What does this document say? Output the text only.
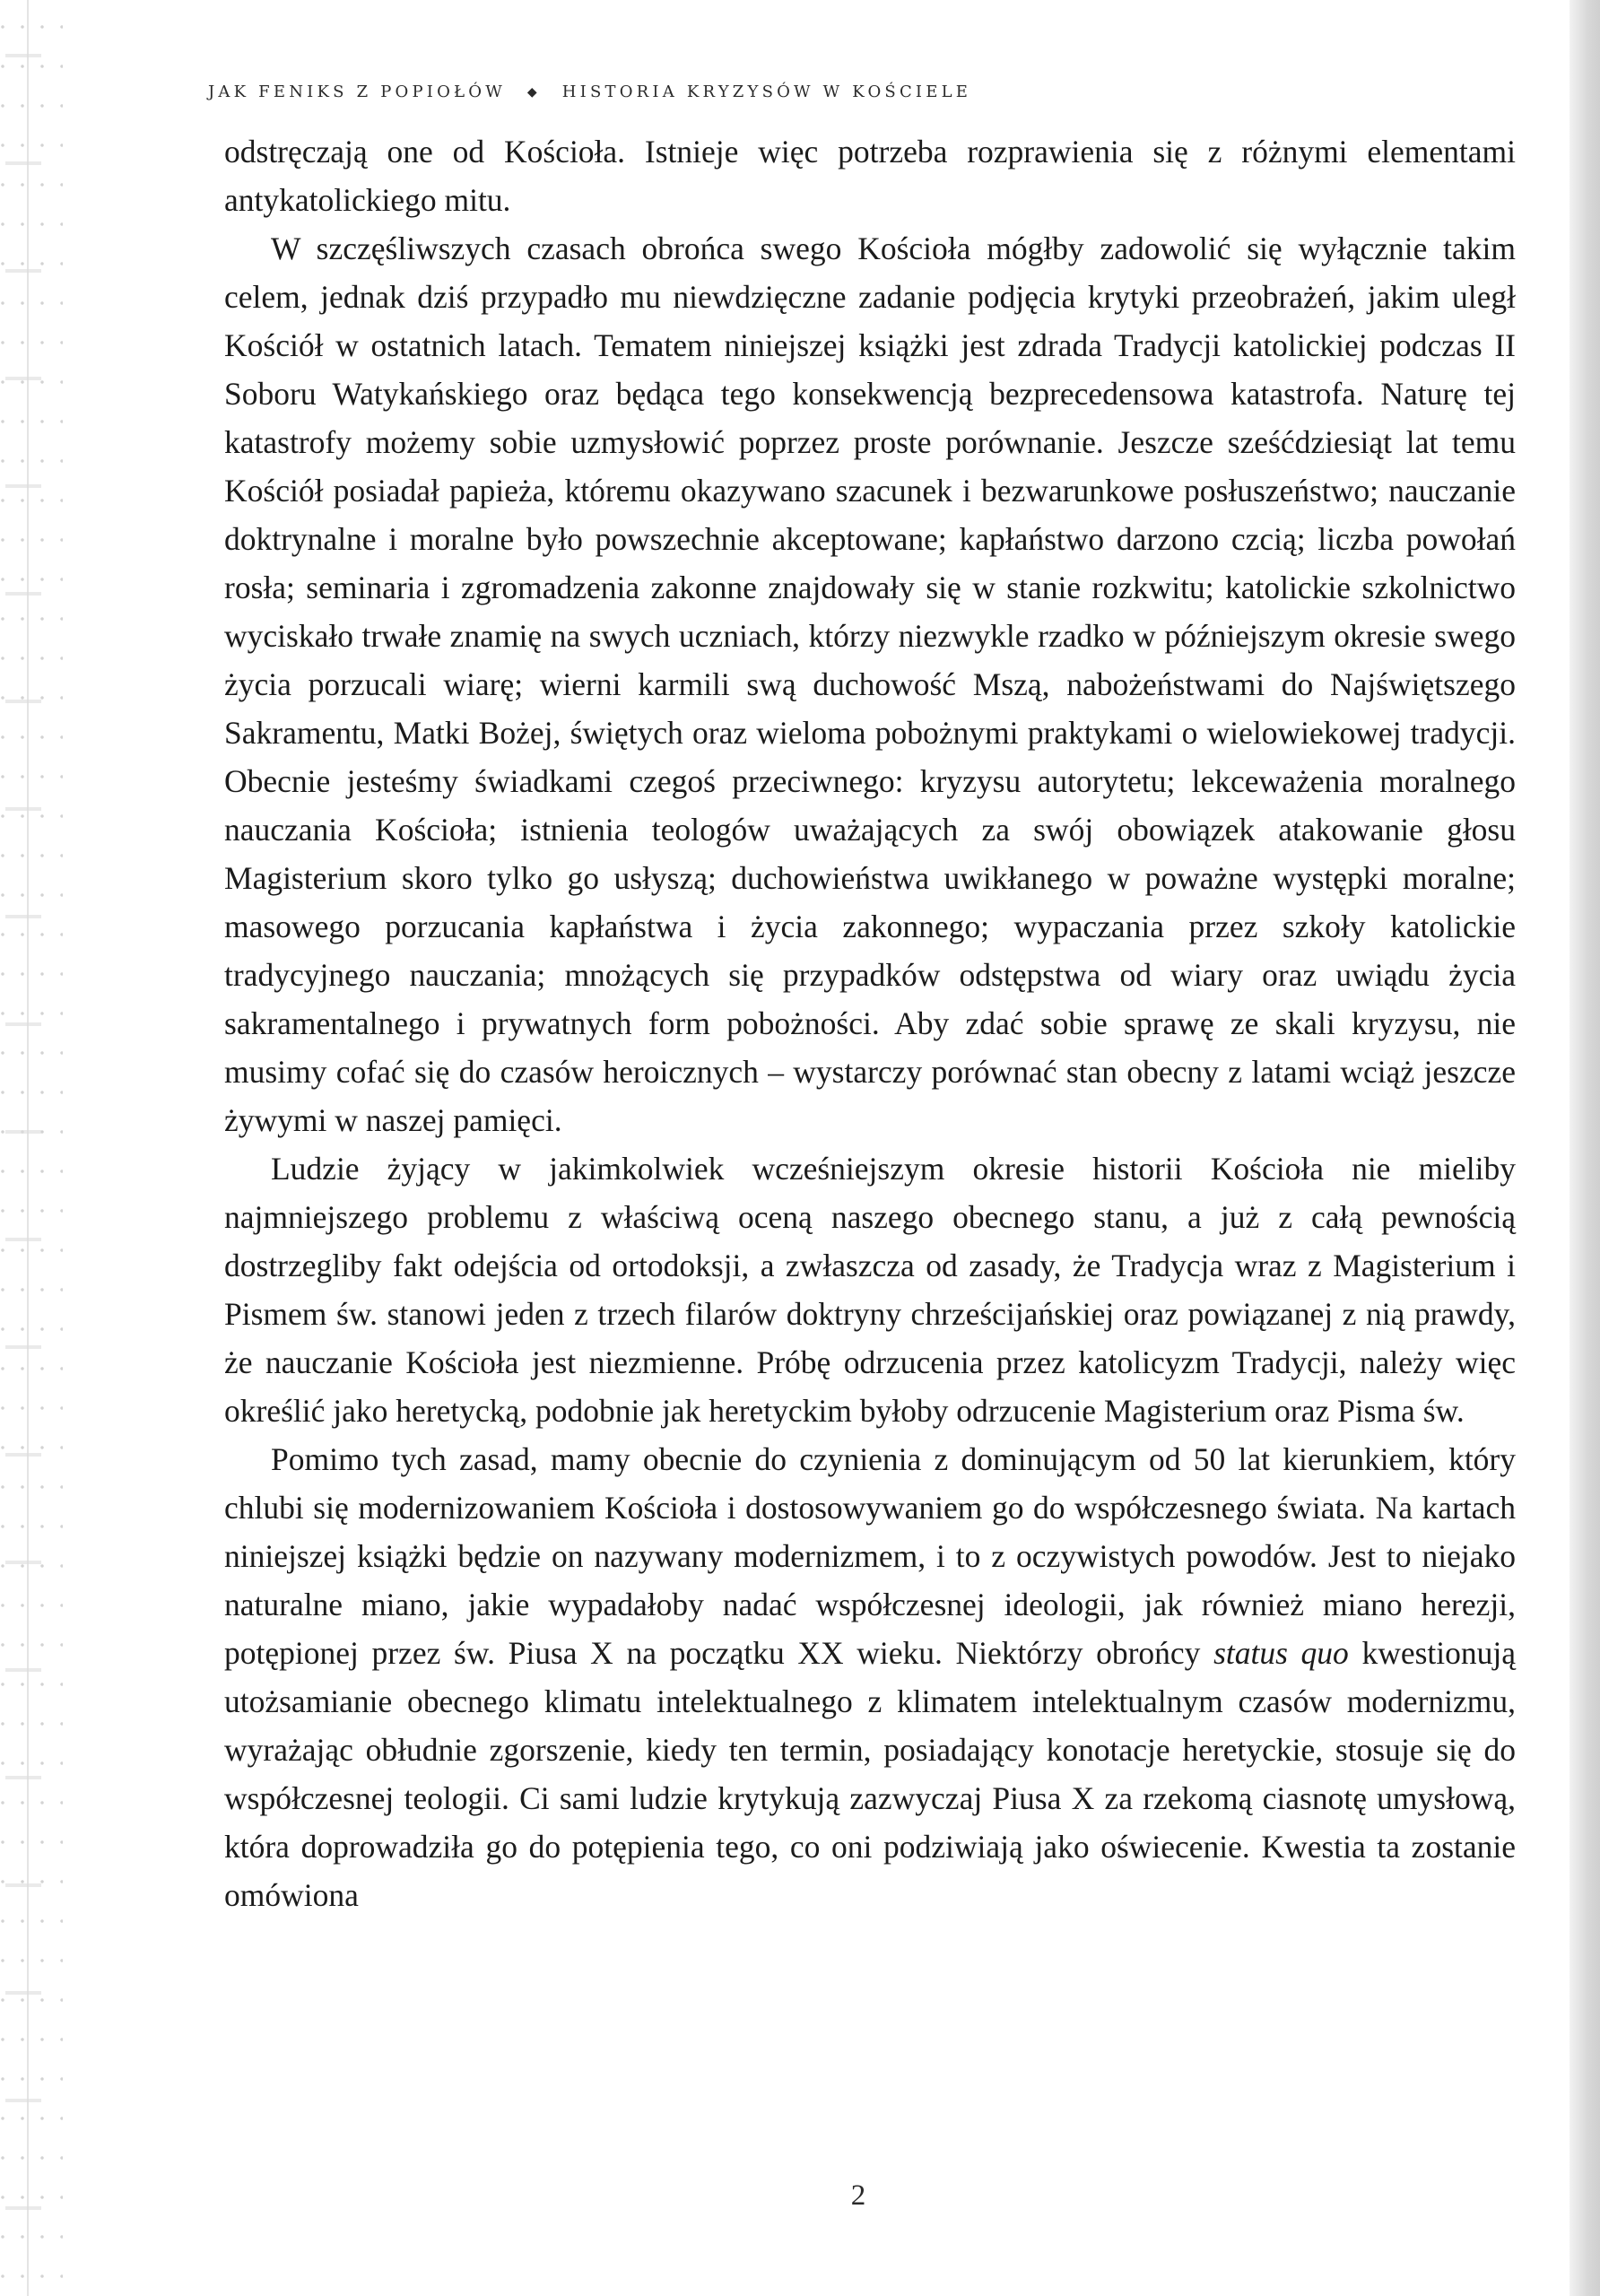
JAK FENIKS Z POPIOŁÓW ◆ HISTORIA KRYZYSÓW W KOŚCIELE

odstręczają one od Kościoła. Istnieje więc potrzeba rozprawienia się z różnymi elementami antykatolickiego mitu.

W szczęśliwszych czasach obrońca swego Kościoła mógłby zadowolić się wyłącznie takim celem, jednak dziś przypadło mu niewdzięczne zadanie podjęcia krytyki przeobrażeń, jakim uległ Kościół w ostatnich latach. Tematem niniejszej książki jest zdrada Tradycji katolickiej podczas II Soboru Watykańskiego oraz będąca tego konsekwencją bezprecedensowa katastrofa. Naturę tej katastrofy możemy sobie uzmysłowić poprzez proste porównanie. Jeszcze sześćdziesiąt lat temu Kościół posiadał papieża, któremu okazywano szacunek i bezwarunkowe posłuszeństwo; nauczanie doktrynalne i moralne było powszechnie akceptowane; kapłaństwo darzono czcią; liczba powołań rosła; seminaria i zgromadzenia zakonne znajdowały się w stanie rozkwitu; katolickie szkolnictwo wyciskało trwałe znamię na swych uczniach, którzy niezwykle rzadko w późniejszym okresie swego życia porzucali wiarę; wierni karmili swą duchowość Mszą, nabożeństwami do Najświętszego Sakramentu, Matki Bożej, świętych oraz wieloma pobożnymi praktykami o wielowiekowej tradycji. Obecnie jesteśmy świadkami czegoś przeciwnego: kryzysu autorytetu; lekceważenia moralnego nauczania Kościoła; istnienia teologów uważających za swój obowiązek atakowanie głosu Magisterium skoro tylko go usłyszą; duchowieństwa uwikłanego w poważne występki moralne; masowego porzucania kapłaństwa i życia zakonnego; wypaczania przez szkoły katolickie tradycyjnego nauczania; mnożących się przypadków odstępstwa od wiary oraz uwiądu życia sakramentalnego i prywatnych form pobożności. Aby zdać sobie sprawę ze skali kryzysu, nie musimy cofać się do czasów heroicznych – wystarczy porównać stan obecny z latami wciąż jeszcze żywymi w naszej pamięci.

Ludzie żyjący w jakimkolwiek wcześniejszym okresie historii Kościoła nie mieliby najmniejszego problemu z właściwą oceną naszego obecnego stanu, a już z całą pewnością dostrzegliby fakt odejścia od ortodoksji, a zwłaszcza od zasady, że Tradycja wraz z Magisterium i Pismem św. stanowi jeden z trzech filarów doktryny chrześcijańskiej oraz powiązanej z nią prawdy, że nauczanie Kościoła jest niezmienne. Próbę odrzucenia przez katolicyzm Tradycji, należy więc określić jako heretycką, podobnie jak heretyckim byłoby odrzucenie Magisterium oraz Pisma św.

Pomimo tych zasad, mamy obecnie do czynienia z dominującym od 50 lat kierunkiem, który chlubi się modernizowaniem Kościoła i dostosowywaniem go do współczesnego świata. Na kartach niniejszej książki będzie on nazywany modernizmem, i to z oczywistych powodów. Jest to niejako naturalne miano, jakie wypadałoby nadać współczesnej ideologii, jak również miano herezji, potępionej przez św. Piusa X na początku XX wieku. Niektórzy obrońcy status quo kwestionują utożsamianie obecnego klimatu intelektualnego z klimatem intelektualnym czasów modernizmu, wyrażając obłudnie zgorszenie, kiedy ten termin, posiadający konotacje heretyckie, stosuje się do współczesnej teologii. Ci sami ludzie krytykują zazwyczaj Piusa X za rzekomą ciasnotę umysłową, która doprowadziła go do potępienia tego, co oni podziwiają jako oświecenie. Kwestia ta zostanie omówiona

2
